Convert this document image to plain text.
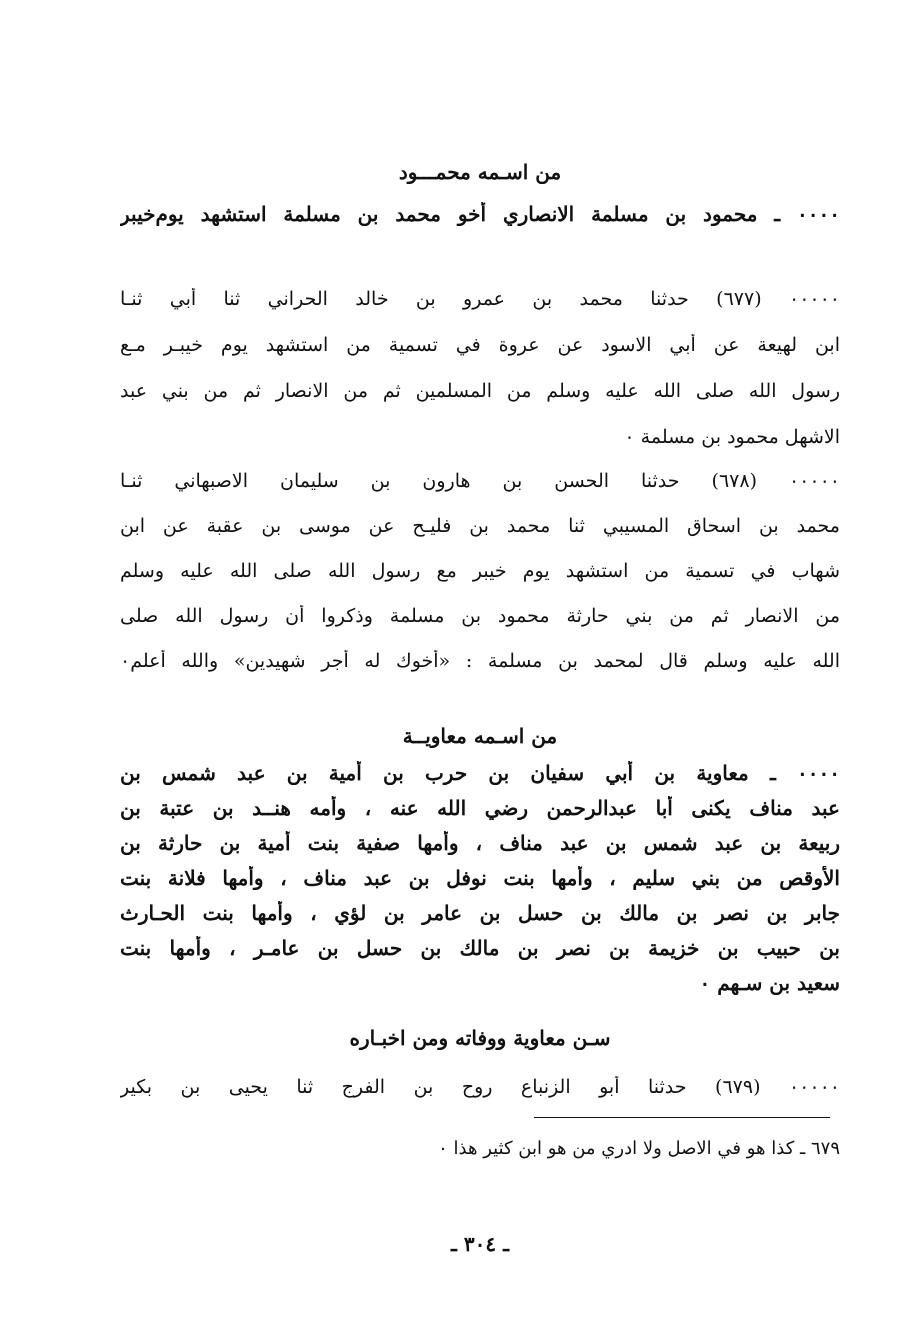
من اسـمه محمـــود
٠٠٠٠ ـ محمود بن مسلمة الانصاري أخو محمد بن مسلمة استشهد يوم‌خيبر
٠٠٠٠٠ (٦٧٧) حدثنا محمد بن عمرو بن خالد الحراني ثنا أبي ثنـا
ابن لهيعة عن أبي الاسود عن عروة في تسمية من استشهد يوم خيبـر مـع
رسول الله صلى الله عليه وسلم من المسلمين ثم من الانصار ثم من بني عبد
الاشهل محمود بن مسلمة ٠
٠٠٠٠٠ (٦٧٨) حدثنا الحسن بن هارون بن سليمان الاصبهاني ثنـا
محمد بن اسحاق المسيبي ثنا محمد بن فليـح عن موسى بن عقبة عن ابن
شهاب في تسمية من استشهد يوم خيبر مع رسول الله صلى الله عليه وسلم
من الانصار ثم من بني حارثة محمود بن مسلمة وذكروا أن رسول الله صلى
الله عليه وسلم قال لمحمد بن مسلمة : «أخوك له أجر شهيدين» والله أعلم٠
من اسـمه معاويــة
٠٠٠٠ ـ معاوية بن أبي سفيان بن حرب بن أمية بن عبد شمس بن
عبد مناف يكنى أبا عبدالرحمن رضي الله عنه ، وأمه هنــد بن عتبة بن
ربيعة بن عبد شمس بن عبد مناف ، وأمها صفية بنت أمية بن حارثة بن
الأوقص من بني سليم ، وأمها بنت نوفل بن عبد مناف ، وأمها فلانة بنت
جابر بن نصر بن مالك بن حسل بن عامر بن لؤي ، وأمها بنت الحـارث
بن حبيب بن خزيمة بن نصر بن مالك بن حسل بن عامـر ، وأمها بنت
سعيد بن سـهم ٠
سـن معاوية ووفاته ومن اخبـاره
٠٠٠٠٠ (٦٧٩) حدثنا أبو الزنباع روح بن الفرج ثنا يحيى بن بكير
٦٧٩ ـ كذا هو في الاصل ولا ادري من هو ابن كثير هذا ٠
ـ ٣٠٤ ـ
